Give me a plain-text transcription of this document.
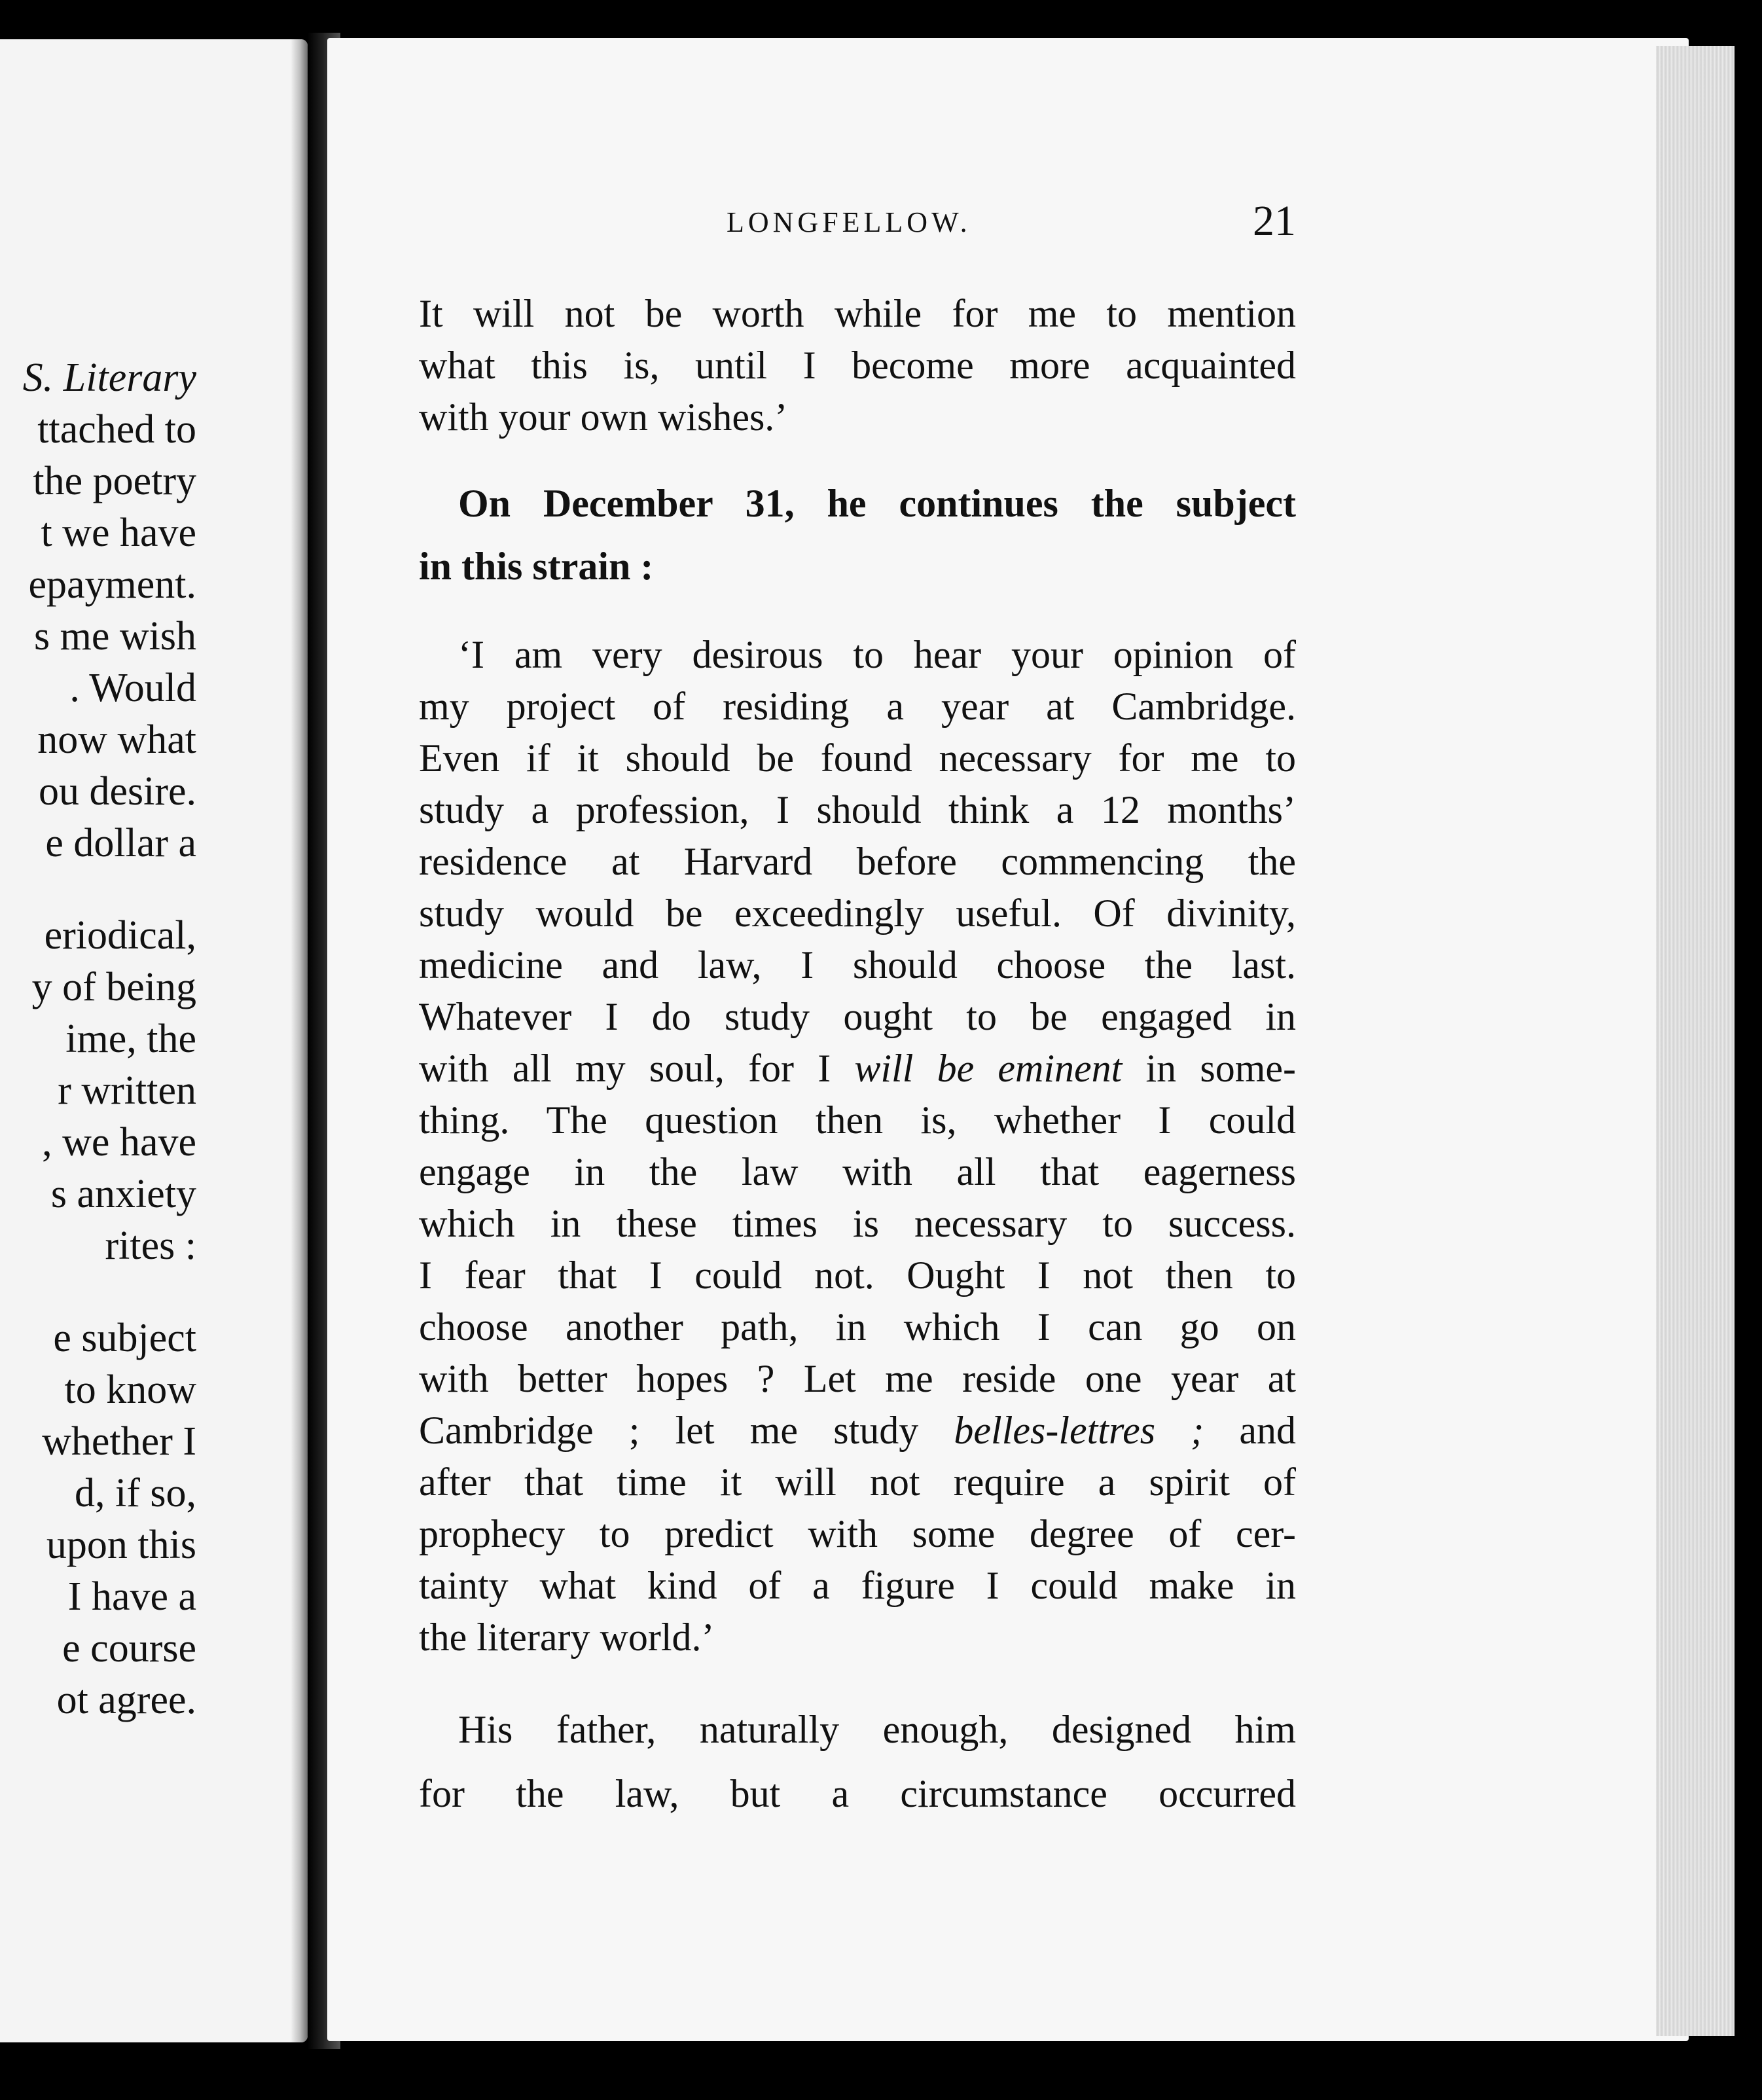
S. Literary
ttached to
the poetry
t we have
epayment.
s me wish
. Would
now what
ou desire.
e dollar a
eriodical,
y of being
ime, the
r written
, we have
s anxiety
rites :
e subject
to know
whether I
d, if so,
upon this
I have a
e course
ot agree.
LONGFELLOW.	21
It will not be worth while for me to mention
what this is, until I become more acquainted
with your own wishes.’
On December 31, he continues the subject
in this strain :
‘I am very desirous to hear your opinion of
my project of residing a year at Cambridge.
Even if it should be found necessary for me to
study a profession, I should think a 12 months’
residence at Harvard before commencing the
study would be exceedingly useful. Of divinity,
medicine and law, I should choose the last.
Whatever I do study ought to be engaged in
with all my soul, for I will be eminent in some-
thing. The question then is, whether I could
engage in the law with all that eagerness
which in these times is necessary to success.
I fear that I could not. Ought I not then to
choose another path, in which I can go on
with better hopes ? Let me reside one year at
Cambridge ; let me study belles-lettres ; and
after that time it will not require a spirit of
prophecy to predict with some degree of cer-
tainty what kind of a figure I could make in
the literary world.’
His father, naturally enough, designed him
for the law, but a circumstance occurred
